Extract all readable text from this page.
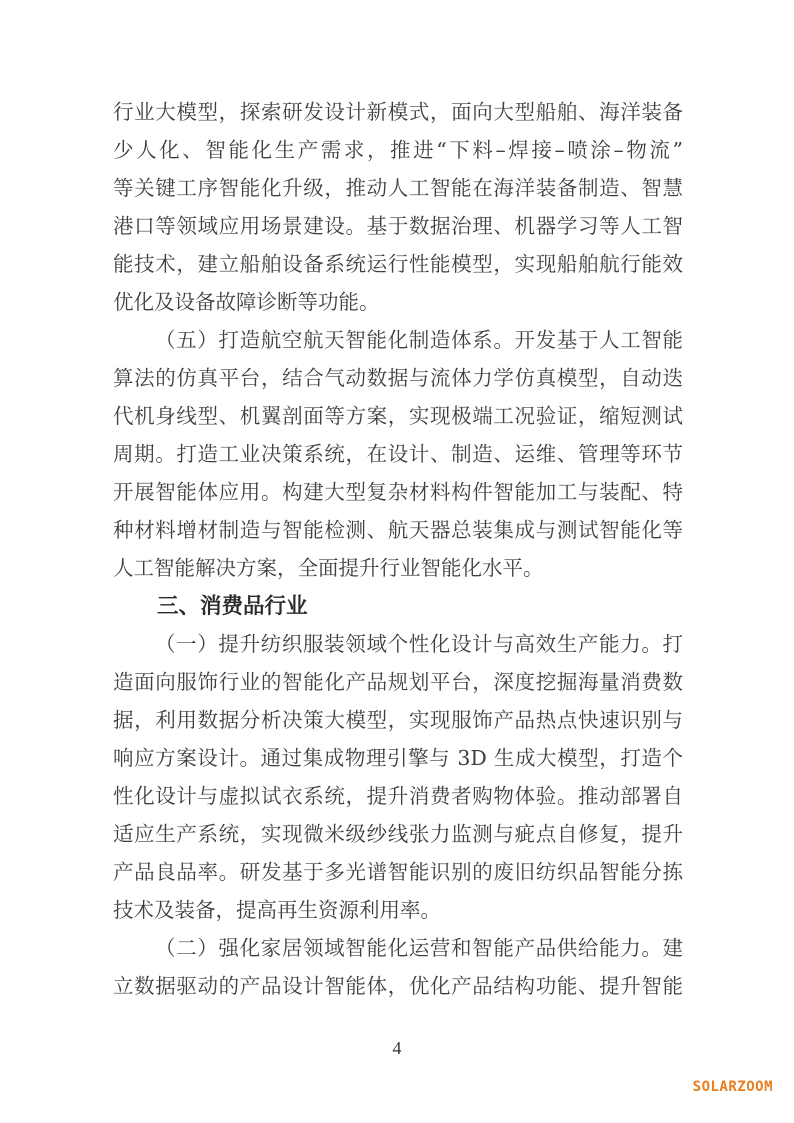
行业大模型，探索研发设计新模式，面向大型船舶、海洋装备
少人化、智能化生产需求，推进“下料–焊接–喷涂–物流”
等关键工序智能化升级，推动人工智能在海洋装备制造、智慧
港口等领域应用场景建设。基于数据治理、机器学习等人工智
能技术，建立船舶设备系统运行性能模型，实现船舶航行能效
优化及设备故障诊断等功能。
（五）打造航空航天智能化制造体系。开发基于人工智能
算法的仿真平台，结合气动数据与流体力学仿真模型，自动迭
代机身线型、机翼剖面等方案，实现极端工况验证，缩短测试
周期。打造工业决策系统，在设计、制造、运维、管理等环节
开展智能体应用。构建大型复杂材料构件智能加工与装配、特
种材料增材制造与智能检测、航天器总装集成与测试智能化等
人工智能解决方案，全面提升行业智能化水平。
三、消费品行业
（一）提升纺织服装领域个性化设计与高效生产能力。打
造面向服饰行业的智能化产品规划平台，深度挖掘海量消费数
据，利用数据分析决策大模型，实现服饰产品热点快速识别与
响应方案设计。通过集成物理引擎与 3D 生成大模型，打造个
性化设计与虚拟试衣系统，提升消费者购物体验。推动部署自
适应生产系统，实现微米级纱线张力监测与疵点自修复，提升
产品良品率。研发基于多光谱智能识别的废旧纺织品智能分拣
技术及装备，提高再生资源利用率。
（二）强化家居领域智能化运营和智能产品供给能力。建
立数据驱动的产品设计智能体，优化产品结构功能、提升智能
4
SOLARZOOM
